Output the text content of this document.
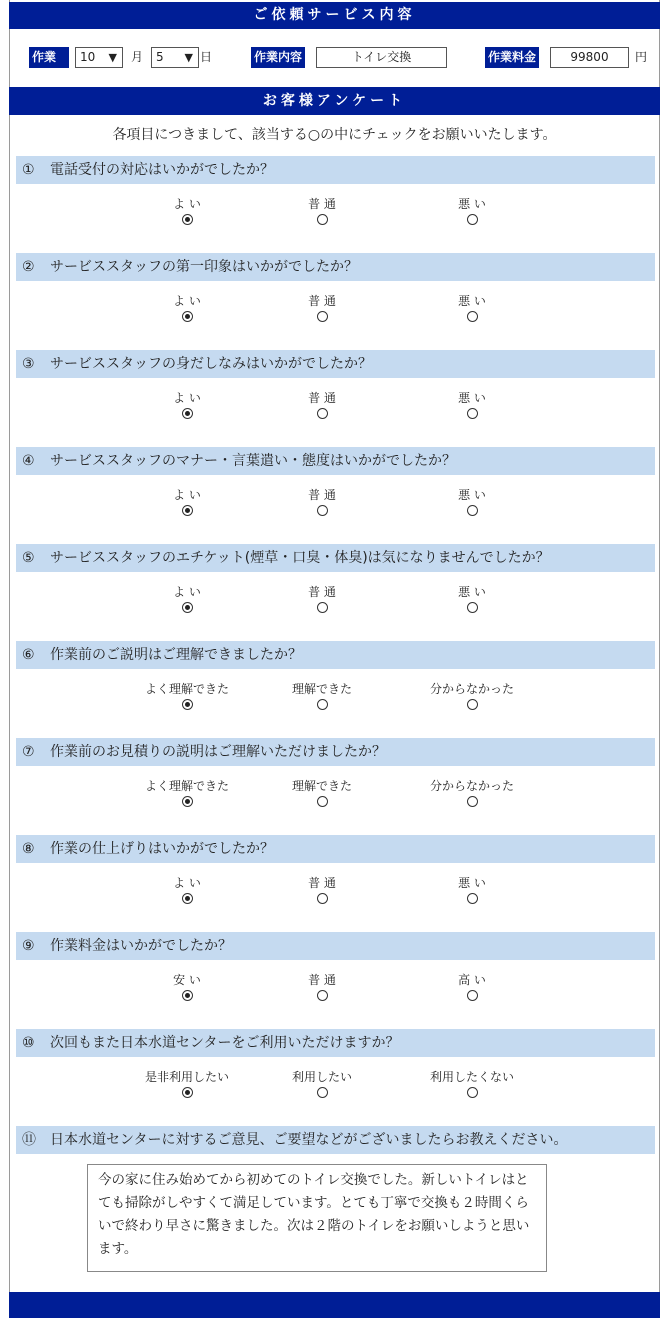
ご依頼サービス内容
作業日
10 ▼ 月	5 ▼ 日	作業内容	トイレ交換	作業料金	99800	円
お客様アンケート
各項目につきまして、該当する○の中にチェックをお願いいたします。
① 電話受付の対応はいかがでしたか？
よ い	普 通	悪 い
② サービススタッフの第一印象はいかがでしたか？
よ い	普 通	悪 い
③ サービススタッフの身だしなみはいかがでしたか？
よ い	普 通	悪 い
④ サービススタッフのマナー・言葉遣い・態度はいかがでしたか？
よ い	普 通	悪 い
⑤ サービススタッフのエチケット(煙草・口臭・体臭)は気になりませんでしたか？
よ い	普 通	悪 い
⑥ 作業前のご説明はご理解できましたか？
よく理解できた	理解できた	分からなかった
⑦ 作業前のお見積りの説明はご理解いただけましたか？
よく理解できた	理解できた	分からなかった
⑧ 作業の仕上げりはいかがでしたか？
よ い	普 通	悪 い
⑨ 作業料金はいかがでしたか？
安 い	普 通	高 い
⑩ 次回もまた日本水道センターをご利用いただけますか？
是非利用したい	利用したい	利用したくない
⑪ 日本水道センターに対するご意見、ご要望などがございましたらお教えください。
今の家に住み始めてから初めてのトイレ交換でした。新しいトイレはとても掃除がしやすくて満足しています。とても丁寧で交換も２時間くらいで終わり早さに驚きました。次は２階のトイレをお願いしようと思います。
